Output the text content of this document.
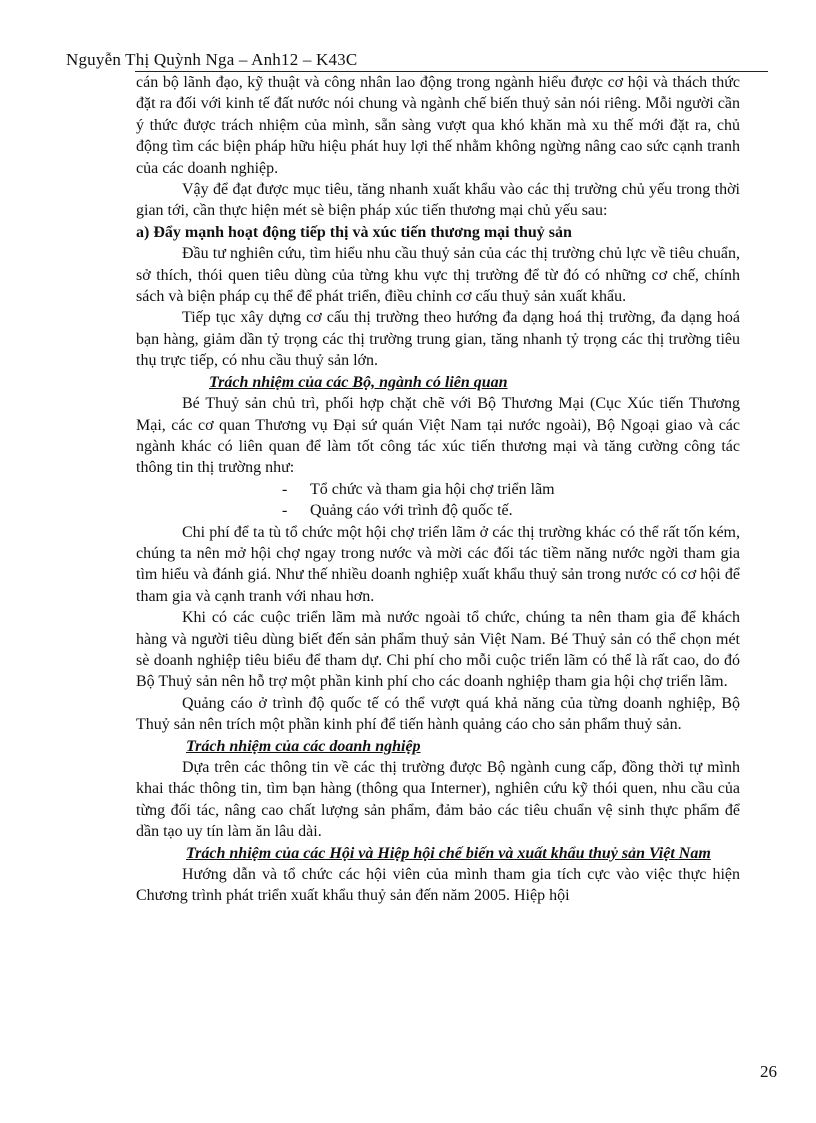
Nguyễn Thị Quỳnh Nga – Anh12 – K43C

cán bộ lãnh đạo, kỹ thuật và công nhân lao động trong ngành hiểu được cơ hội và thách thức đặt ra đối với kinh tế đất nước nói chung và ngành chế biến thuỷ sản nói riêng. Mỗi người cần ý thức được trách nhiệm của mình, sẵn sàng vượt qua khó khăn mà xu thế mới đặt ra, chủ động tìm các biện pháp hữu hiệu phát huy lợi thế nhằm không ngừng nâng cao sức cạnh tranh của các doanh nghiệp.

Vậy để đạt được mục tiêu, tăng nhanh xuất khẩu vào các thị trường chủ yếu trong thời gian tới, cần thực hiện mét sè biện pháp xúc tiến thương mại chủ yếu sau:

a) Đẩy mạnh hoạt động tiếp thị và xúc tiến thương mại thuỷ sản

Đầu tư nghiên cứu, tìm hiểu nhu cầu thuỷ sản của các thị trường chủ lực về tiêu chuẩn, sở thích, thói quen tiêu dùng của từng khu vực thị trường để từ đó có những cơ chế, chính sách và biện pháp cụ thể để phát triển, điều chỉnh cơ cấu thuỷ sản xuất khẩu.

Tiếp tục xây dựng cơ cấu thị trường theo hướng đa dạng hoá thị trường, đa dạng hoá bạn hàng, giảm dần tỷ trọng các thị trường trung gian, tăng nhanh tỷ trọng các thị trường tiêu thụ trực tiếp, có nhu cầu thuỷ sản lớn.

Trách nhiệm của các Bộ, ngành có liên quan

Bé Thuỷ sản chủ trì, phối hợp chặt chẽ với Bộ Thương Mại (Cục Xúc tiến Thương Mại, các cơ quan Thương vụ Đại sứ quán Việt Nam tại nước ngoài), Bộ Ngoại giao và các ngành khác có liên quan để làm tốt công tác xúc tiến thương mại và tăng cường công tác thông tin thị trường như:

- Tổ chức và tham gia hội chợ triển lãm
- Quảng cáo với trình độ quốc tế.

Chi phí để ta tù tổ chức một hội chợ triển lãm ở các thị trường khác có thể rất tốn kém, chúng ta nên mở hội chợ ngay trong nước và mời các đối tác tiềm năng nước ngời tham gia tìm hiểu và đánh giá. Như thế nhiều doanh nghiệp xuất khẩu thuỷ sản trong nước có cơ hội để tham gia và cạnh tranh với nhau hơn.

Khi có các cuộc triển lãm mà nước ngoài tổ chức, chúng ta nên tham gia để khách hàng và người tiêu dùng biết đến sản phẩm thuỷ sản Việt Nam. Bé Thuỷ sản có thể chọn mét sè doanh nghiệp tiêu biểu để tham dự. Chi phí cho mỗi cuộc triển lãm có thể là rất cao, do đó Bộ Thuỷ sản nên hỗ trợ một phần kinh phí cho các doanh nghiệp tham gia hội chợ triển lãm.

Quảng cáo ở trình độ quốc tế có thể vượt quá khả năng của từng doanh nghiệp, Bộ Thuỷ sản nên trích một phần kinh phí để tiến hành quảng cáo cho sản phẩm thuỷ sản.

Trách nhiệm của các doanh nghiệp

Dựa trên các thông tin về các thị trường được Bộ ngành cung cấp, đồng thời tự mình khai thác thông tin, tìm bạn hàng (thông qua Interner), nghiên cứu kỹ thói quen, nhu cầu của từng đối tác, nâng cao chất lượng sản phẩm, đảm bảo các tiêu chuẩn vệ sinh thực phẩm để dần tạo uy tín làm ăn lâu dài.

Trách nhiệm của các Hội và Hiệp hội chế biến và xuất khẩu thuỷ sản Việt Nam

Hướng dẫn và tổ chức các hội viên của mình tham gia tích cực vào việc thực hiện Chương trình phát triển xuất khẩu thuỷ sản đến năm 2005. Hiệp hội

26
